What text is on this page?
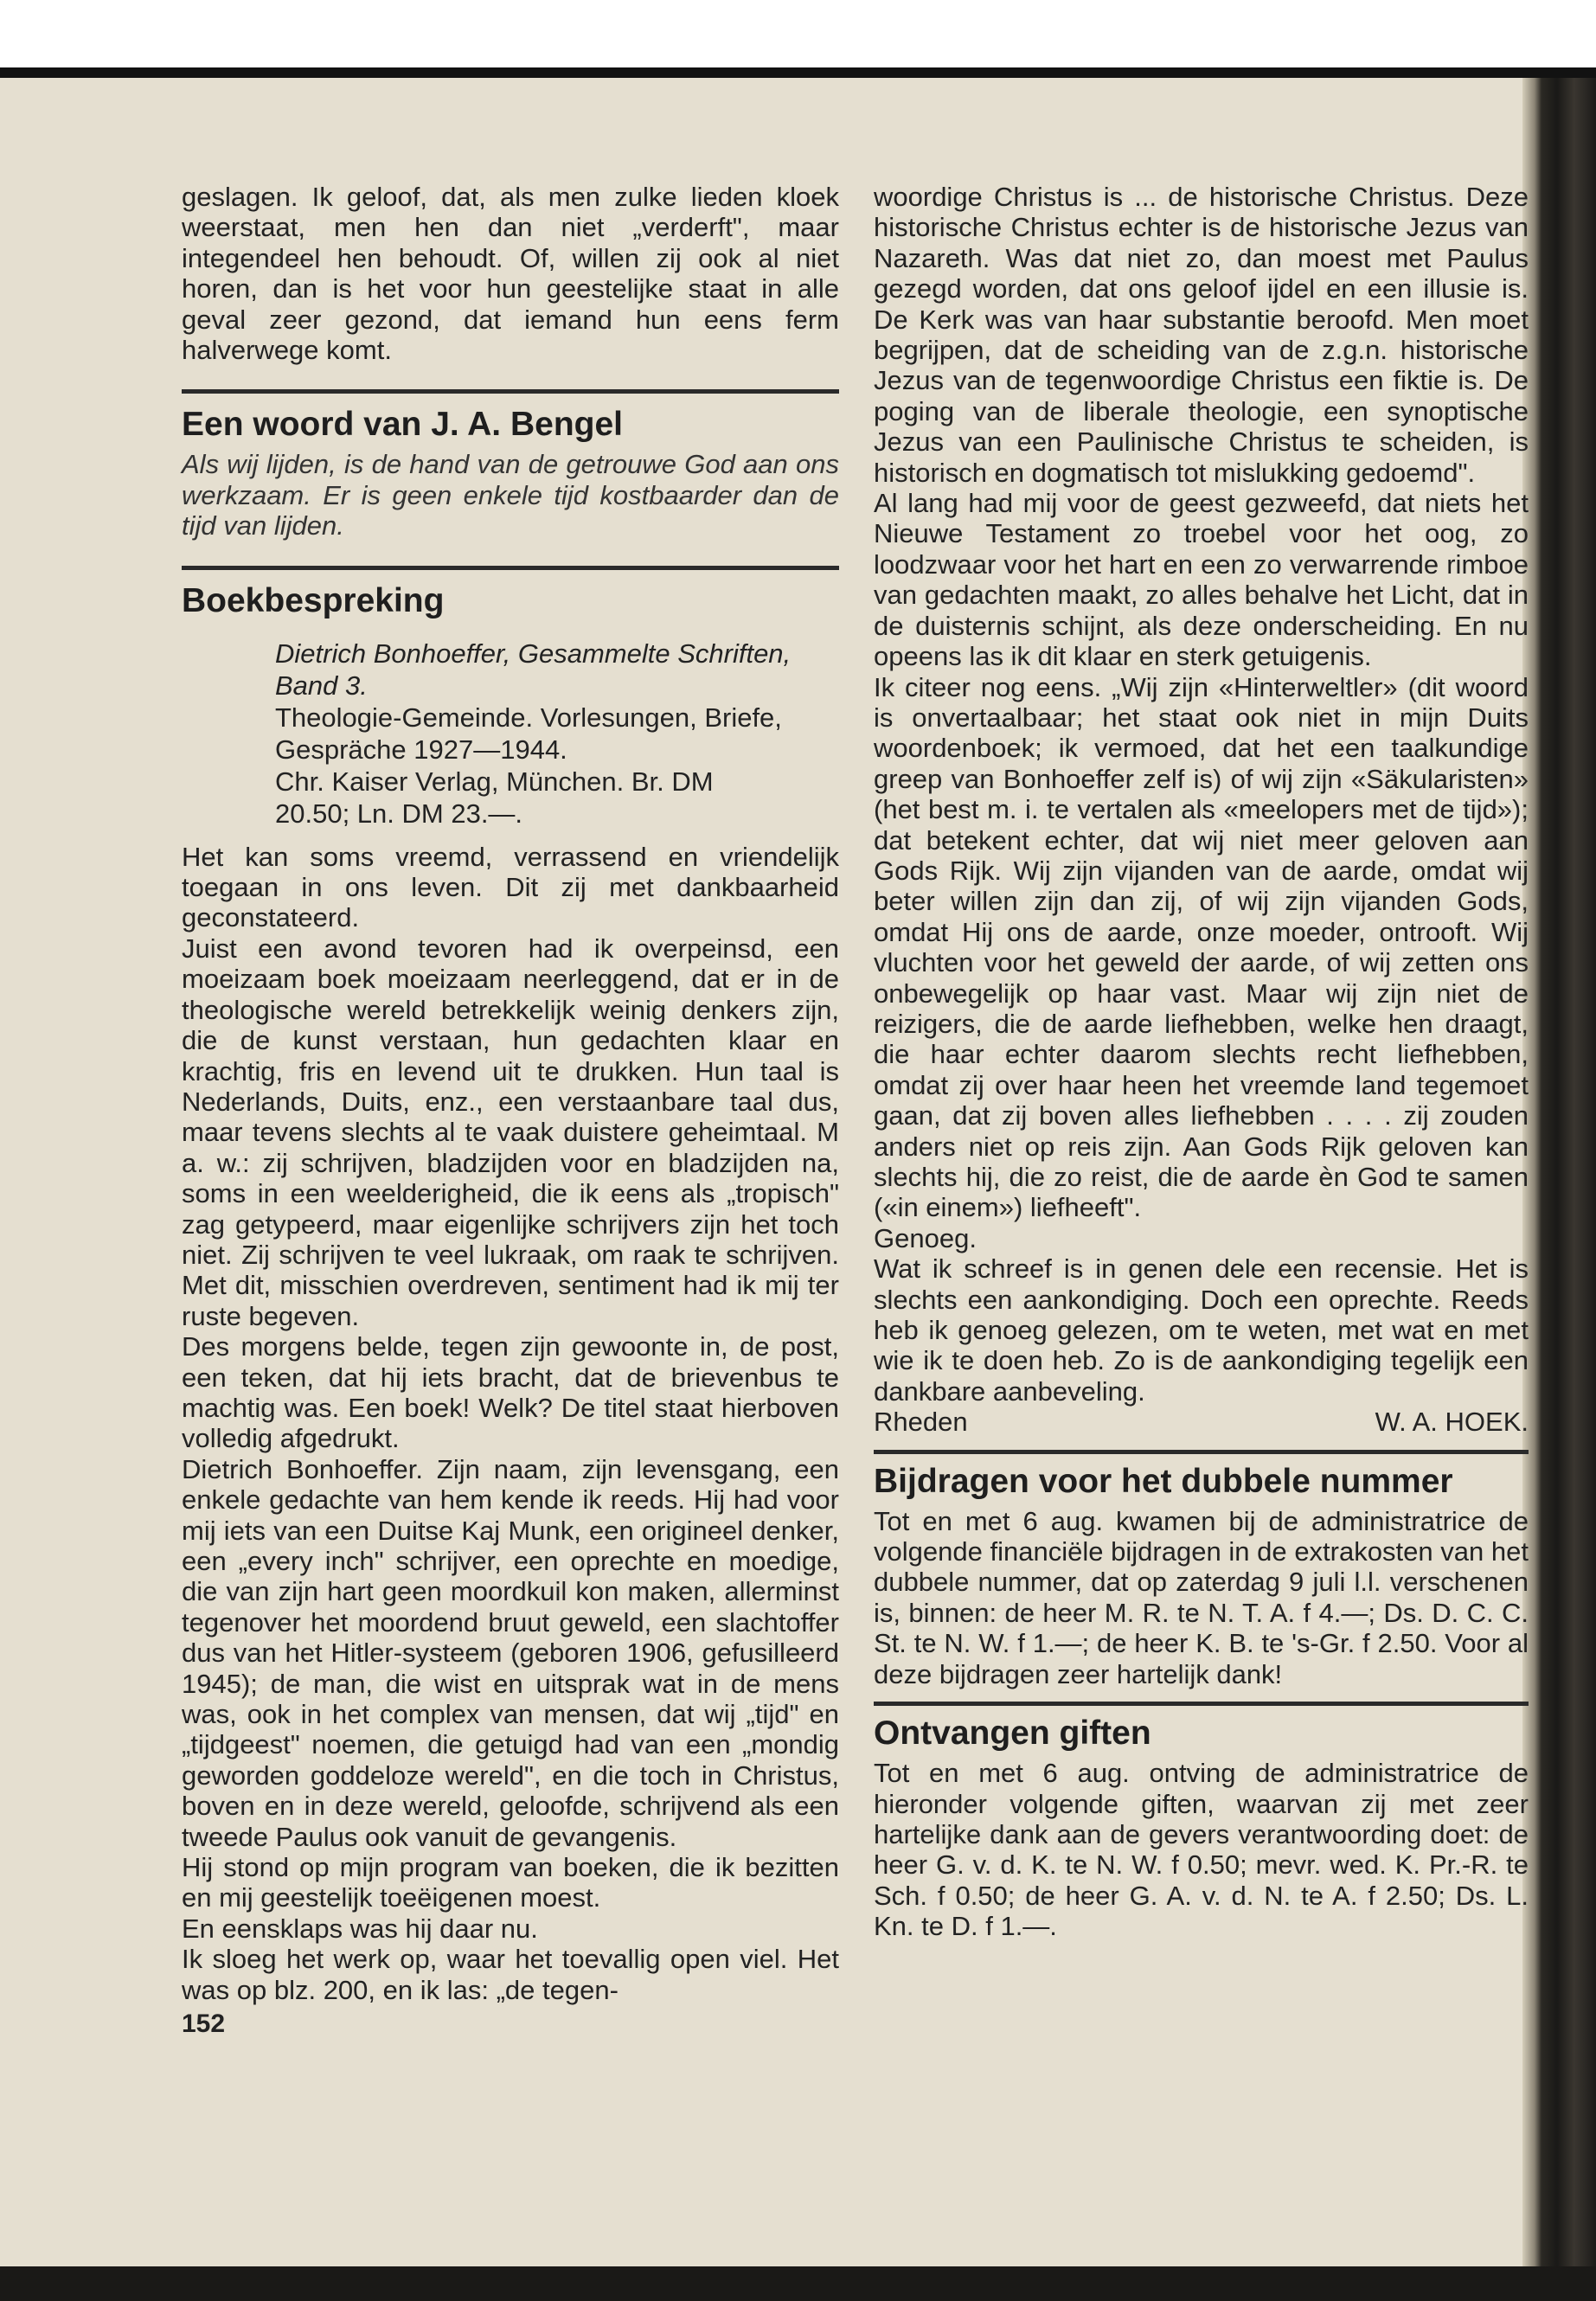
geslagen. Ik geloof, dat, als men zulke lieden kloek weerstaat, men hen dan niet „verderft", maar integendeel hen behoudt. Of, willen zij ook al niet horen, dan is het voor hun geestelijke staat in alle geval zeer gezond, dat iemand hun eens ferm halverwege komt.

Een woord van J. A. Bengel

Als wij lijden, is de hand van de getrouwe God aan ons werkzaam. Er is geen enkele tijd kostbaarder dan de tijd van lijden.

Boekbespreking
Dietrich Bonhoeffer, Gesammelte Schriften, Band 3.
Theologie-Gemeinde. Vorlesungen, Briefe, Gespräche 1927—1944.
Chr. Kaiser Verlag, München. Br. DM
20.50; Ln. DM 23.—.

Het kan soms vreemd, verrassend en vriendelijk toegaan in ons leven. Dit zij met dankbaarheid geconstateerd.

Juist een avond tevoren had ik overpeinsd, een moeizaam boek moeizaam neerleggend, dat er in de theologische wereld betrekkelijk weinig denkers zijn, die de kunst verstaan, hun gedachten klaar en krachtig, fris en levend uit te drukken. Hun taal is Nederlands, Duits, enz., een verstaanbare taal dus, maar tevens slechts al te vaak duistere geheimtaal. M a. w.: zij schrijven, bladzijden voor en bladzijden na, soms in een weelderigheid, die ik eens als „tropisch" zag getypeerd, maar eigenlijke schrijvers zijn het toch niet. Zij schrijven te veel lukraak, om raak te schrijven. Met dit, misschien overdreven, sentiment had ik mij ter ruste begeven.

Des morgens belde, tegen zijn gewoonte in, de post, een teken, dat hij iets bracht, dat de brievenbus te machtig was. Een boek! Welk? De titel staat hierboven volledig afgedrukt.

Dietrich Bonhoeffer. Zijn naam, zijn levensgang, een enkele gedachte van hem kende ik reeds. Hij had voor mij iets van een Duitse Kaj Munk, een origineel denker, een „every inch" schrijver, een oprechte en moedige, die van zijn hart geen moordkuil kon maken, allerminst tegenover het moordend bruut geweld, een slachtoffer dus van het Hitler-systeem (geboren 1906, gefusilleerd 1945); de man, die wist en uitsprak wat in de mens was, ook in het complex van mensen, dat wij „tijd" en „tijdgeest" noemen, die getuigd had van een „mondig geworden goddeloze wereld", en die toch in Christus, boven en in deze wereld, geloofde, schrijvend als een tweede Paulus ook vanuit de gevangenis.

Hij stond op mijn program van boeken, die ik bezitten en mij geestelijk toeëigenen moest.

En eensklaps was hij daar nu.

Ik sloeg het werk op, waar het toevallig open viel. Het was op blz. 200, en ik las: „de tegen-

152

woordige Christus is ... de historische Christus. Deze historische Christus echter is de historische Jezus van Nazareth. Was dat niet zo, dan moest met Paulus gezegd worden, dat ons geloof ijdel en een illusie is. De Kerk was van haar substantie beroofd. Men moet begrijpen, dat de scheiding van de z.g.n. historische Jezus van de tegenwoordige Christus een fiktie is. De poging van de liberale theologie, een synoptische Jezus van een Paulinische Christus te scheiden, is historisch en dogmatisch tot mislukking gedoemd".

Al lang had mij voor de geest gezweefd, dat niets het Nieuwe Testament zo troebel voor het oog, zo loodzwaar voor het hart en een zo verwarrende rimboe van gedachten maakt, zo alles behalve het Licht, dat in de duisternis schijnt, als deze onderscheiding. En nu opeens las ik dit klaar en sterk getuigenis.

Ik citeer nog eens. „Wij zijn «Hinterweltler» (dit woord is onvertaalbaar; het staat ook niet in mijn Duits woordenboek; ik vermoed, dat het een taalkundige greep van Bonhoeffer zelf is) of wij zijn «Säkularisten» (het best m. i. te vertalen als «meelopers met de tijd»); dat betekent echter, dat wij niet meer geloven aan Gods Rijk. Wij zijn vijanden van de aarde, omdat wij beter willen zijn dan zij, of wij zijn vijanden Gods, omdat Hij ons de aarde, onze moeder, ontrooft. Wij vluchten voor het geweld der aarde, of wij zetten ons onbewegelijk op haar vast. Maar wij zijn niet de reizigers, die de aarde liefhebben, welke hen draagt, die haar echter daarom slechts recht liefhebben, omdat zij over haar heen het vreemde land tegemoet gaan, dat zij boven alles liefhebben . . . . zij zouden anders niet op reis zijn. Aan Gods Rijk geloven kan slechts hij, die zo reist, die de aarde èn God te samen («in einem») liefheeft".

Genoeg.

Wat ik schreef is in genen dele een recensie. Het is slechts een aankondiging. Doch een oprechte. Reeds heb ik genoeg gelezen, om te weten, met wat en met wie ik te doen heb. Zo is de aankondiging tegelijk een dankbare aanbeveling.

Rheden	W. A. HOEK.

Bijdragen voor het dubbele nummer

Tot en met 6 aug. kwamen bij de administratrice de volgende financiële bijdragen in de extrakosten van het dubbele nummer, dat op zaterdag 9 juli l.l. verschenen is, binnen: de heer M. R. te N. T. A. f 4.—; Ds. D. C. C. St. te N. W. f 1.—; de heer K. B. te 's-Gr. f 2.50. Voor al deze bijdragen zeer hartelijk dank!

Ontvangen giften

Tot en met 6 aug. ontving de administratrice de hieronder volgende giften, waarvan zij met zeer hartelijke dank aan de gevers verantwoording doet: de heer G. v. d. K. te N. W. f 0.50; mevr. wed. K. Pr.-R. te Sch. f 0.50; de heer G. A. v. d. N. te A. f 2.50; Ds. L. Kn. te D. f 1.—.
